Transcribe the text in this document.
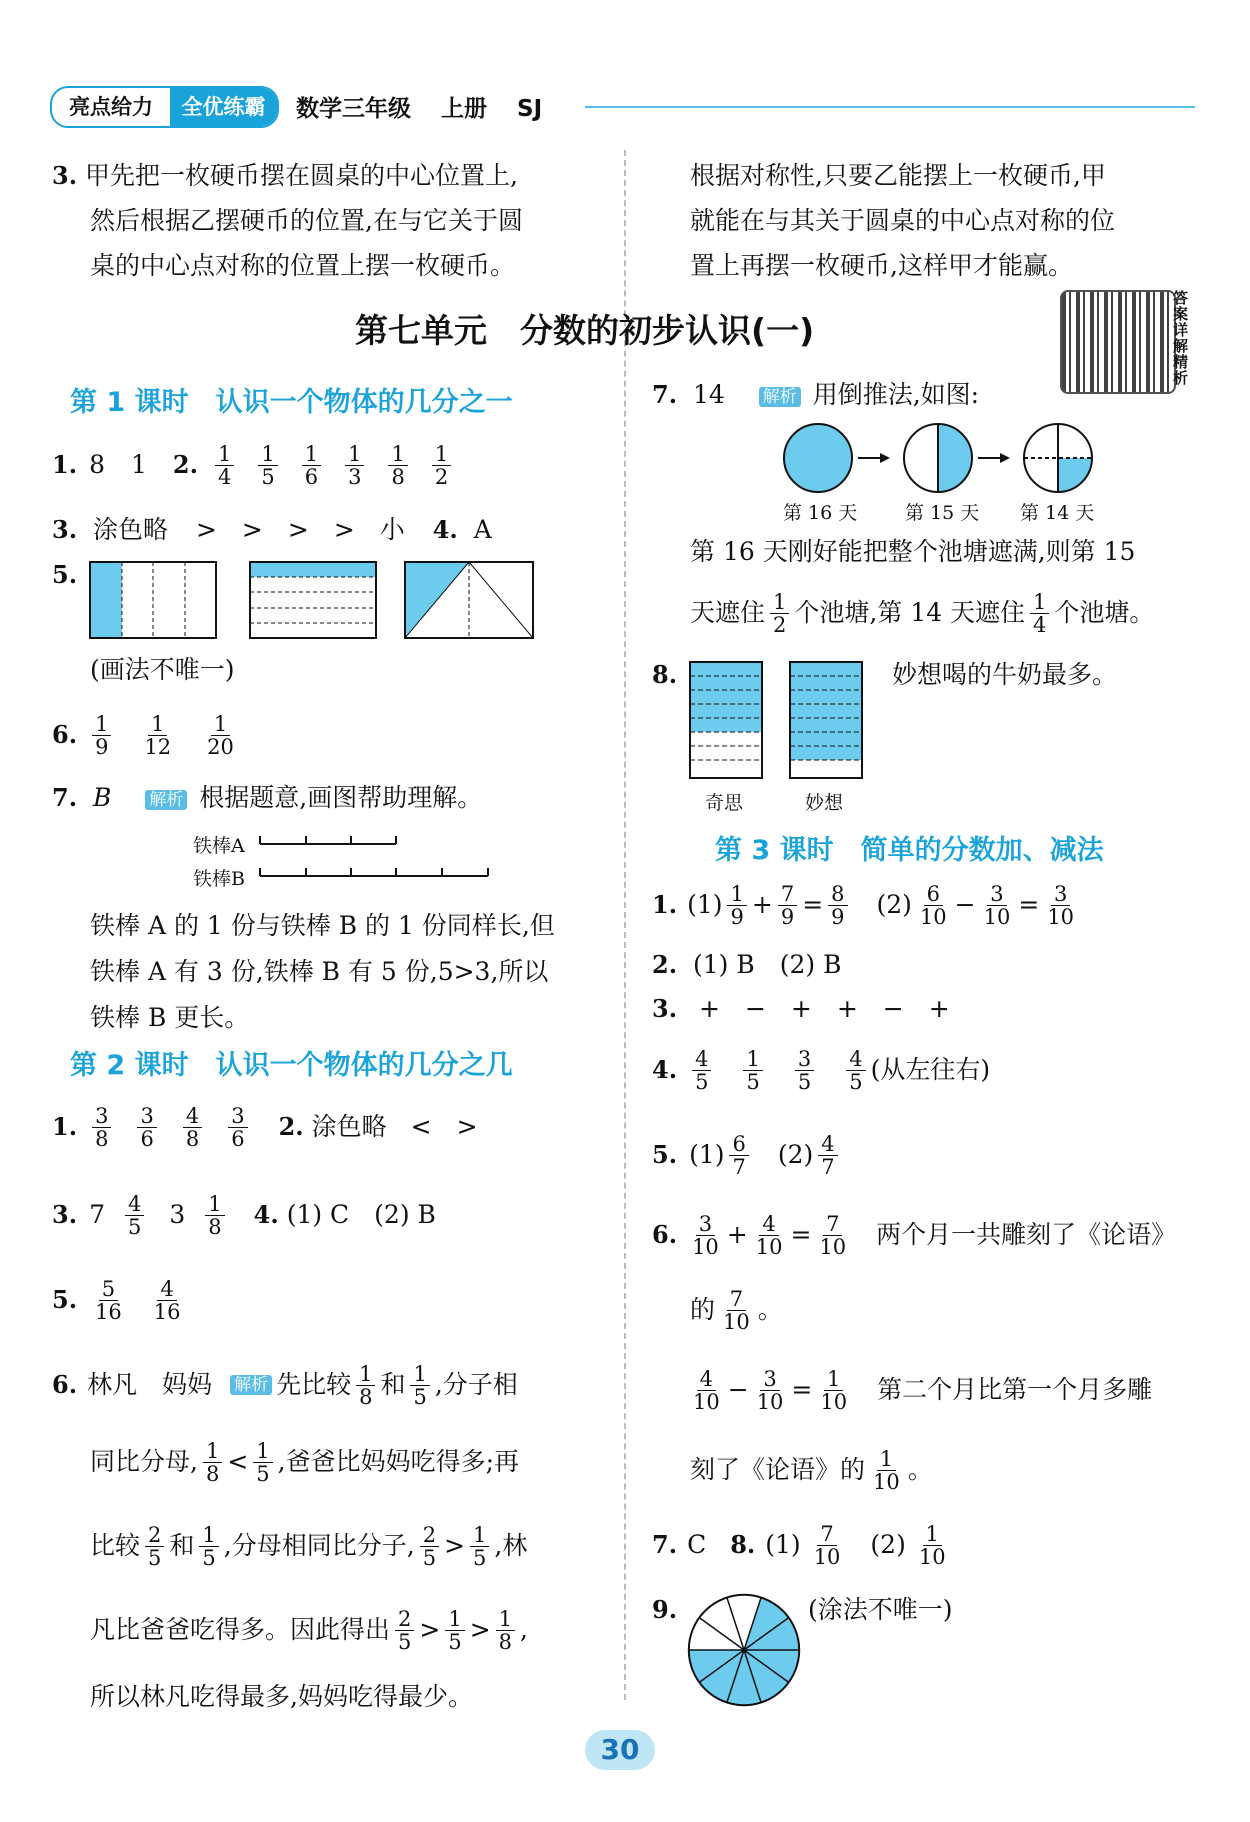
亮点给力	全优练霸	数学三年级 上册 SJ
3. 甲先把一枚硬币摆在圆桌的中心位置上,
然后根据乙摆硬币的位置,在与它关于圆
桌的中心点对称的位置上摆一枚硬币。
根据对称性,只要乙能摆上一枚硬币,甲
就能在与其关于圆桌的中心点对称的位
置上再摆一枚硬币,这样甲才能赢。
第七单元　分数的初步认识(一)
答案详解精析
第 1 课时　认识一个物体的几分之一
1. 8 1 2. $\frac{1}{4} \frac{1}{5} \frac{1}{6} \frac{1}{3} \frac{1}{8} \frac{1}{2}$
3. 涂色略 >　>　>　>　小 4. A
5.
(画法不唯一)
6. $\frac{1}{9} \frac{1}{12} \frac{1}{20}$
7. B 解析 根据题意,画图帮助理解。
铁棒A
铁棒B
铁棒 A 的 1 份与铁棒 B 的 1 份同样长,但
铁棒 A 有 3 份,铁棒 B 有 5 份,5>3,所以
铁棒 B 更长。
第 2 课时　认识一个物体的几分之几
1. $\frac{3}{8} \frac{3}{6} \frac{4}{8} \frac{3}{6} 2$. 涂色略 <　>
3. 7 4
5 3 1
8 4. (1) C　(2) B
5. $\frac{5}{16} \frac{4}{16}$
6. 林凡　妈妈 解析 先比较 1
8 和 1
5 ,分子相
同比分母, 1
8 < 1
5 ,爸爸比妈妈吃得多;再
比较 2
5 和 1
5 ,分母相同比分子, 2
5 > 1
5 ,林
凡比爸爸吃得多。因此得出 2
5 > 1
5 > 1
8 ,
所以林凡吃得最多,妈妈吃得最少。
7. 14 解析 用倒推法,如图:
第 16 天	第 15 天 第 14 天
第 16 天刚好能把整个池塘遮满,则第 15
天遮住 1
2 个池塘,第 14 天遮住 1
4 个池塘。
8.	妙想喝的牛奶最多。
奇思	妙想
第 3 课时　简单的分数加、减法
1. (1) 1
9 + 7
9 = 8
9 (2) 6
10 − 3
10 = 3
10
2. (1) B　(2) B
3. +　−　+　+　−　+
4. $\frac{4}{5} \frac{1}{5} \frac{3}{5} \frac{4}{5}$ (从左往右)
5. (1) 6
7 (2) 4
7
6. 3
10 + 4
10 = 7
10 两个月一共雕刻了《论语》
的 7
10 。
4
10 − 3
10 = 1
10 第二个月比第一个月多雕
刻了《论语》的 1
10 。
7. C 8. (1) 7
10 (2) 1
10
9.	(涂法不唯一)
30
